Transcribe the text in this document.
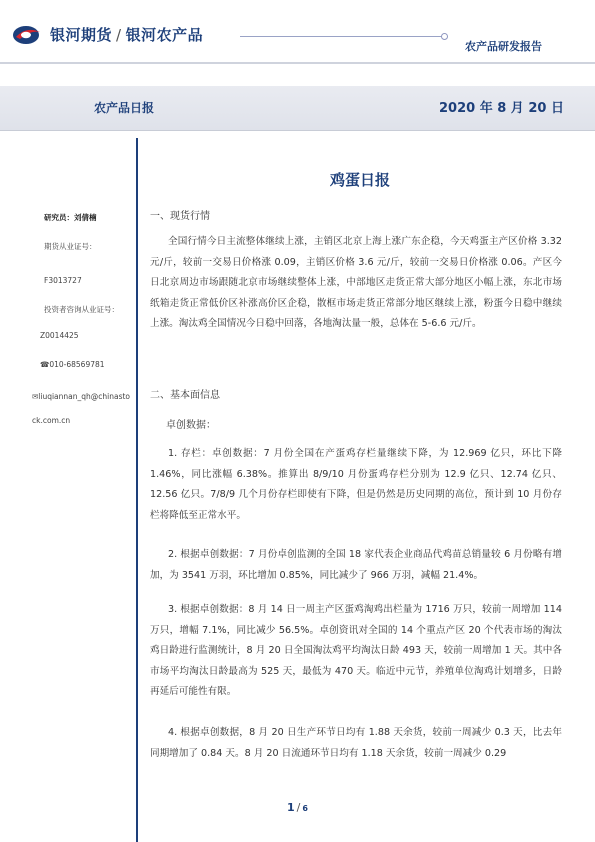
银河期货 / 银河农产品
农产品研发报告
农产品日报	2020 年 8 月 20 日
研究员：刘倩楠
期货从业证号：
F3013727
投资者咨询从业证号：
Z0014425
☎010-68569781
✉liuqiannan_qh@chinasto
ck.com.cn
鸡蛋日报
一、现货行情

全国行情今日主流整体继续上涨，主销区北京上海上涨广东企稳，今天鸡蛋主产区价格 3.32 元/斤，较前一交易日价格涨 0.09，主销区价格 3.6 元/斤，较前一交易日价格涨 0.06。产区今日北京周边市场跟随北京市场继续整体上涨，中部地区走货正常大部分地区小幅上涨，东北市场纸箱走货正常低价区补涨高价区企稳，散框市场走货正常部分地区继续上涨，粉蛋今日稳中继续上涨。淘汰鸡全国情况今日稳中回落，各地淘汰量一般，总体在 5-6.6 元/斤。

二、基本面信息
卓创数据：

1. 存栏：卓创数据：7 月份全国在产蛋鸡存栏量继续下降，为 12.969 亿只，环比下降 1.46%，同比涨幅 6.38%。推算出 8/9/10 月份蛋鸡存栏分别为 12.9 亿只、12.74 亿只、12.56 亿只。7/8/9 几个月份存栏即使有下降，但是仍然是历史同期的高位，预计到 10 月份存栏将降低至正常水平。

2. 根据卓创数据：7 月份卓创监测的全国 18 家代表企业商品代鸡苗总销量较 6 月份略有增加，为 3541 万羽，环比增加 0.85%，同比减少了 966 万羽，减幅 21.4%。

3. 根据卓创数据：8 月 14 日一周主产区蛋鸡淘鸡出栏量为 1716 万只，较前一周增加 114 万只，增幅 7.1%，同比减少 56.5%。卓创资讯对全国的 14 个重点产区 20 个代表市场的淘汰鸡日龄进行监测统计，8 月 20 日全国淘汰鸡平均淘汰日龄 493 天，较前一周增加 1 天。其中各市场平均淘汰日龄最高为 525 天，最低为 470 天。临近中元节，养殖单位淘鸡计划增多，日龄再延后可能性有限。

4. 根据卓创数据，8 月 20 日生产环节日均有 1.88 天余货，较前一周减少 0.3 天，比去年同期增加了 0.84 天。8 月 20 日流通环节日均有 1.18 天余货，较前一周减少 0.29

1 / 6
